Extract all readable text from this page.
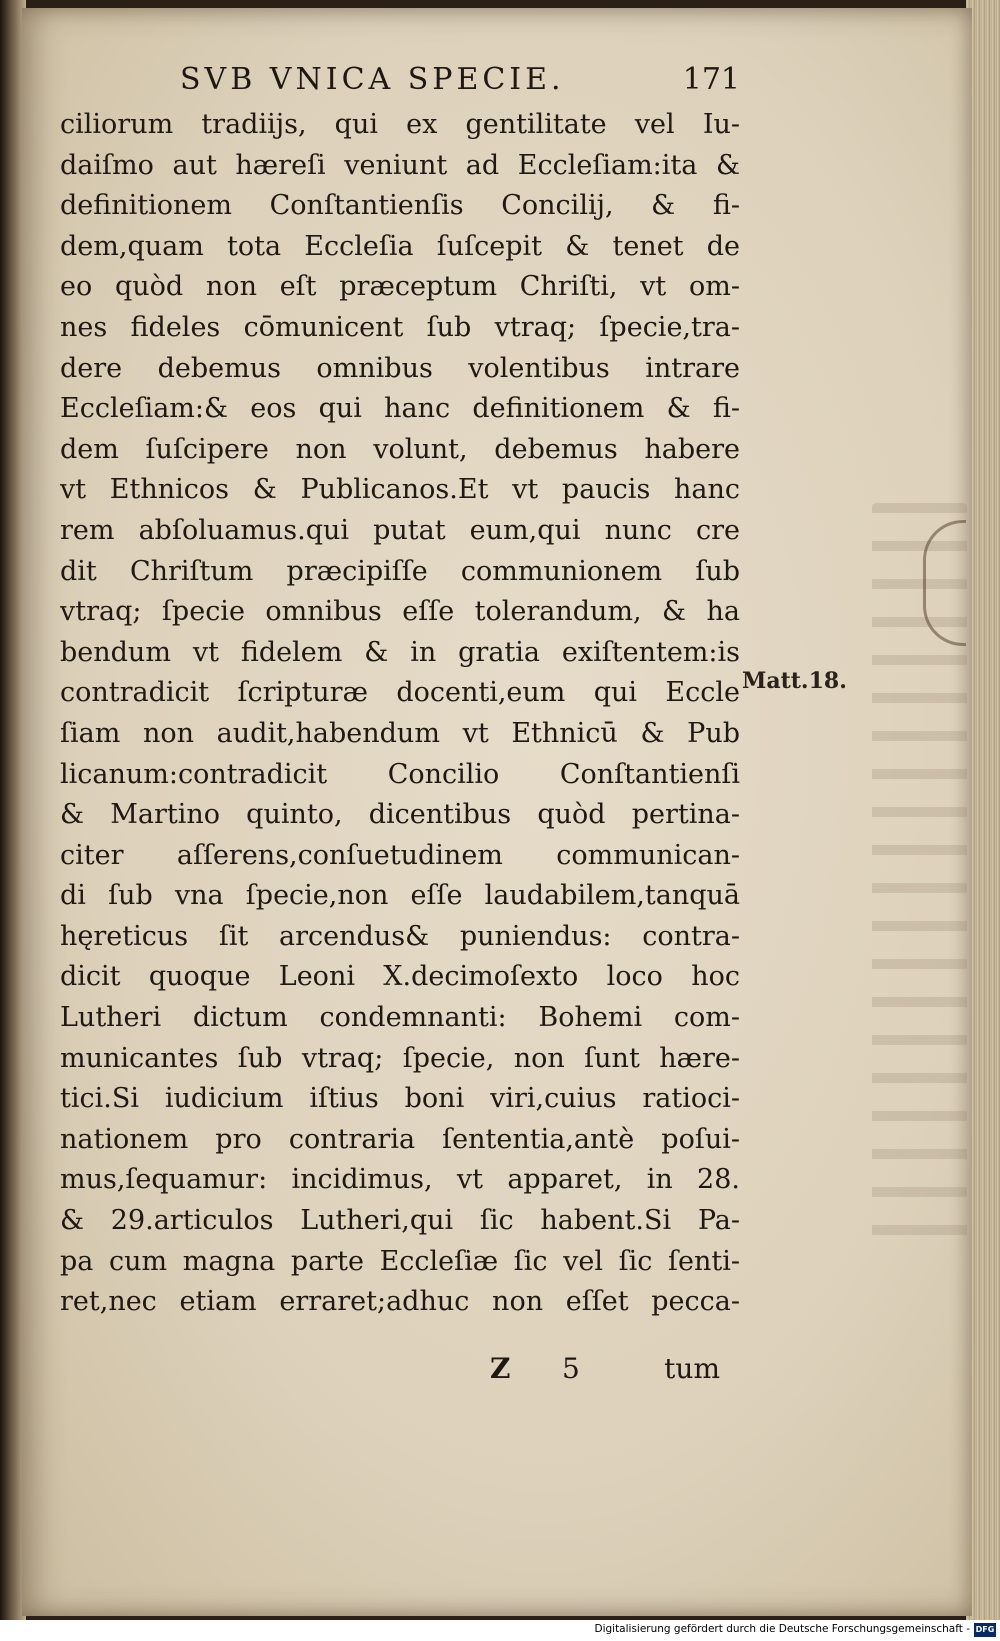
SVB VNICA SPECIE.	171
ciliorum tradiijs, qui ex gentilitate vel Iu-
daiſmo aut hæreſi veniunt ad Eccleſiam:ita &
definitionem Conſtantienſis Concilij, & fi-
dem,quam tota Eccleſia ſuſcepit & tenet de
eo quòd non eſt præceptum Chriſti, vt om-
nes fideles cōmunicent ſub vtraq; ſpecie,tra-
dere debemus omnibus volentibus intrare
Eccleſiam:& eos qui hanc definitionem & fi-
dem ſuſcipere non volunt, debemus habere
vt Ethnicos & Publicanos.Et vt paucis hanc
rem abſoluamus.qui putat eum,qui nunc cre
dit Chriſtum præcipiſſe communionem ſub
vtraq; ſpecie omnibus eſſe tolerandum, & ha
bendum vt fidelem & in gratia exiſtentem:is
contradicit ſcripturæ docenti,eum qui Eccle
ſiam non audit,habendum vt Ethnicū & Pub
licanum:contradicit Concilio Conſtantienſi
& Martino quinto, dicentibus quòd pertina-
citer aſſerens,conſuetudinem communican-
di ſub vna ſpecie,non eſſe laudabilem,tanquā
hęreticus ſit arcendus& puniendus: contra-
dicit quoque Leoni X.decimoſexto loco hoc
Lutheri dictum condemnanti: Bohemi com-
municantes ſub vtraq; ſpecie, non ſunt hære-
tici.Si iudicium iſtius boni viri,cuius ratioci-
nationem pro contraria ſententia,antè poſui-
mus,ſequamur: incidimus, vt apparet, in 28.
& 29.articulos Lutheri,qui ſic habent.Si Pa-
pa cum magna parte Eccleſiæ ſic vel ſic ſenti-
ret,nec etiam erraret;adhuc non eſſet pecca-
Matt.18.
Z 5	tum
Digitalisierung gefördert durch die Deutsche Forschungsgemeinschaft - DFG
